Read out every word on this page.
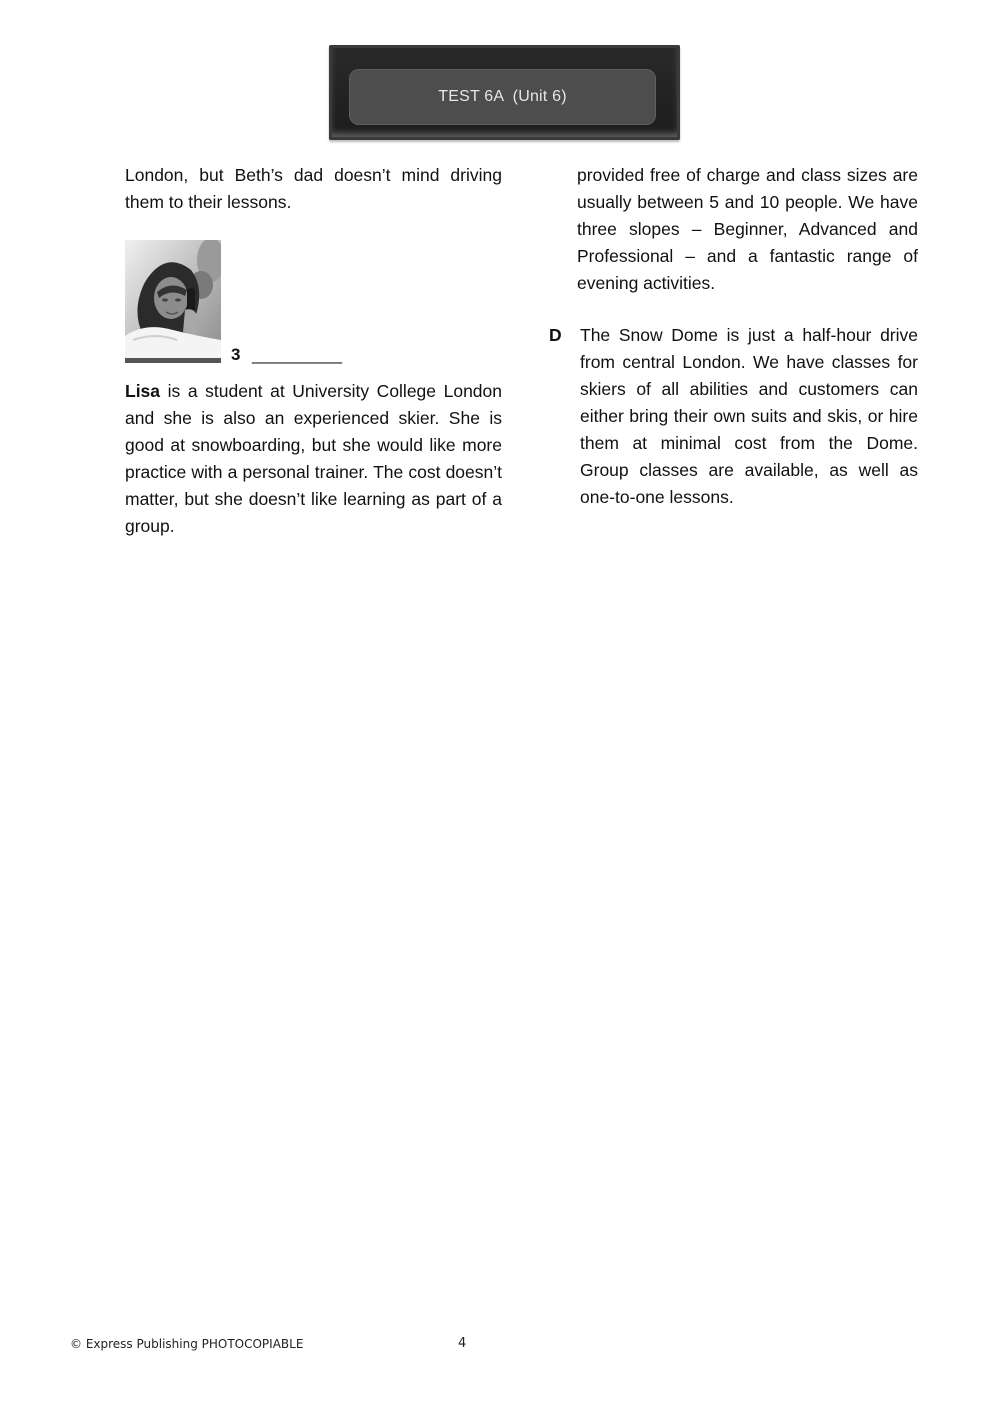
TEST 6A  (Unit 6)

London, but Beth’s dad doesn’t mind driving them to their lessons.

3 __________

Lisa is a student at University College London and she is also an experienced skier. She is good at snowboarding, but she would like more practice with a personal trainer. The cost doesn’t matter, but she doesn’t like learning as part of a group.

provided free of charge and class sizes are usually between 5 and 10 people. We have three slopes – Beginner, Advanced and Professional – and a fantastic range of evening activities.

D The Snow Dome is just a half-hour drive from central London. We have classes for skiers of all abilities and customers can either bring their own suits and skis, or hire them at minimal cost from the Dome. Group classes are available, as well as one-to-one lessons.

© Express Publishing PHOTOCOPIABLE	4
